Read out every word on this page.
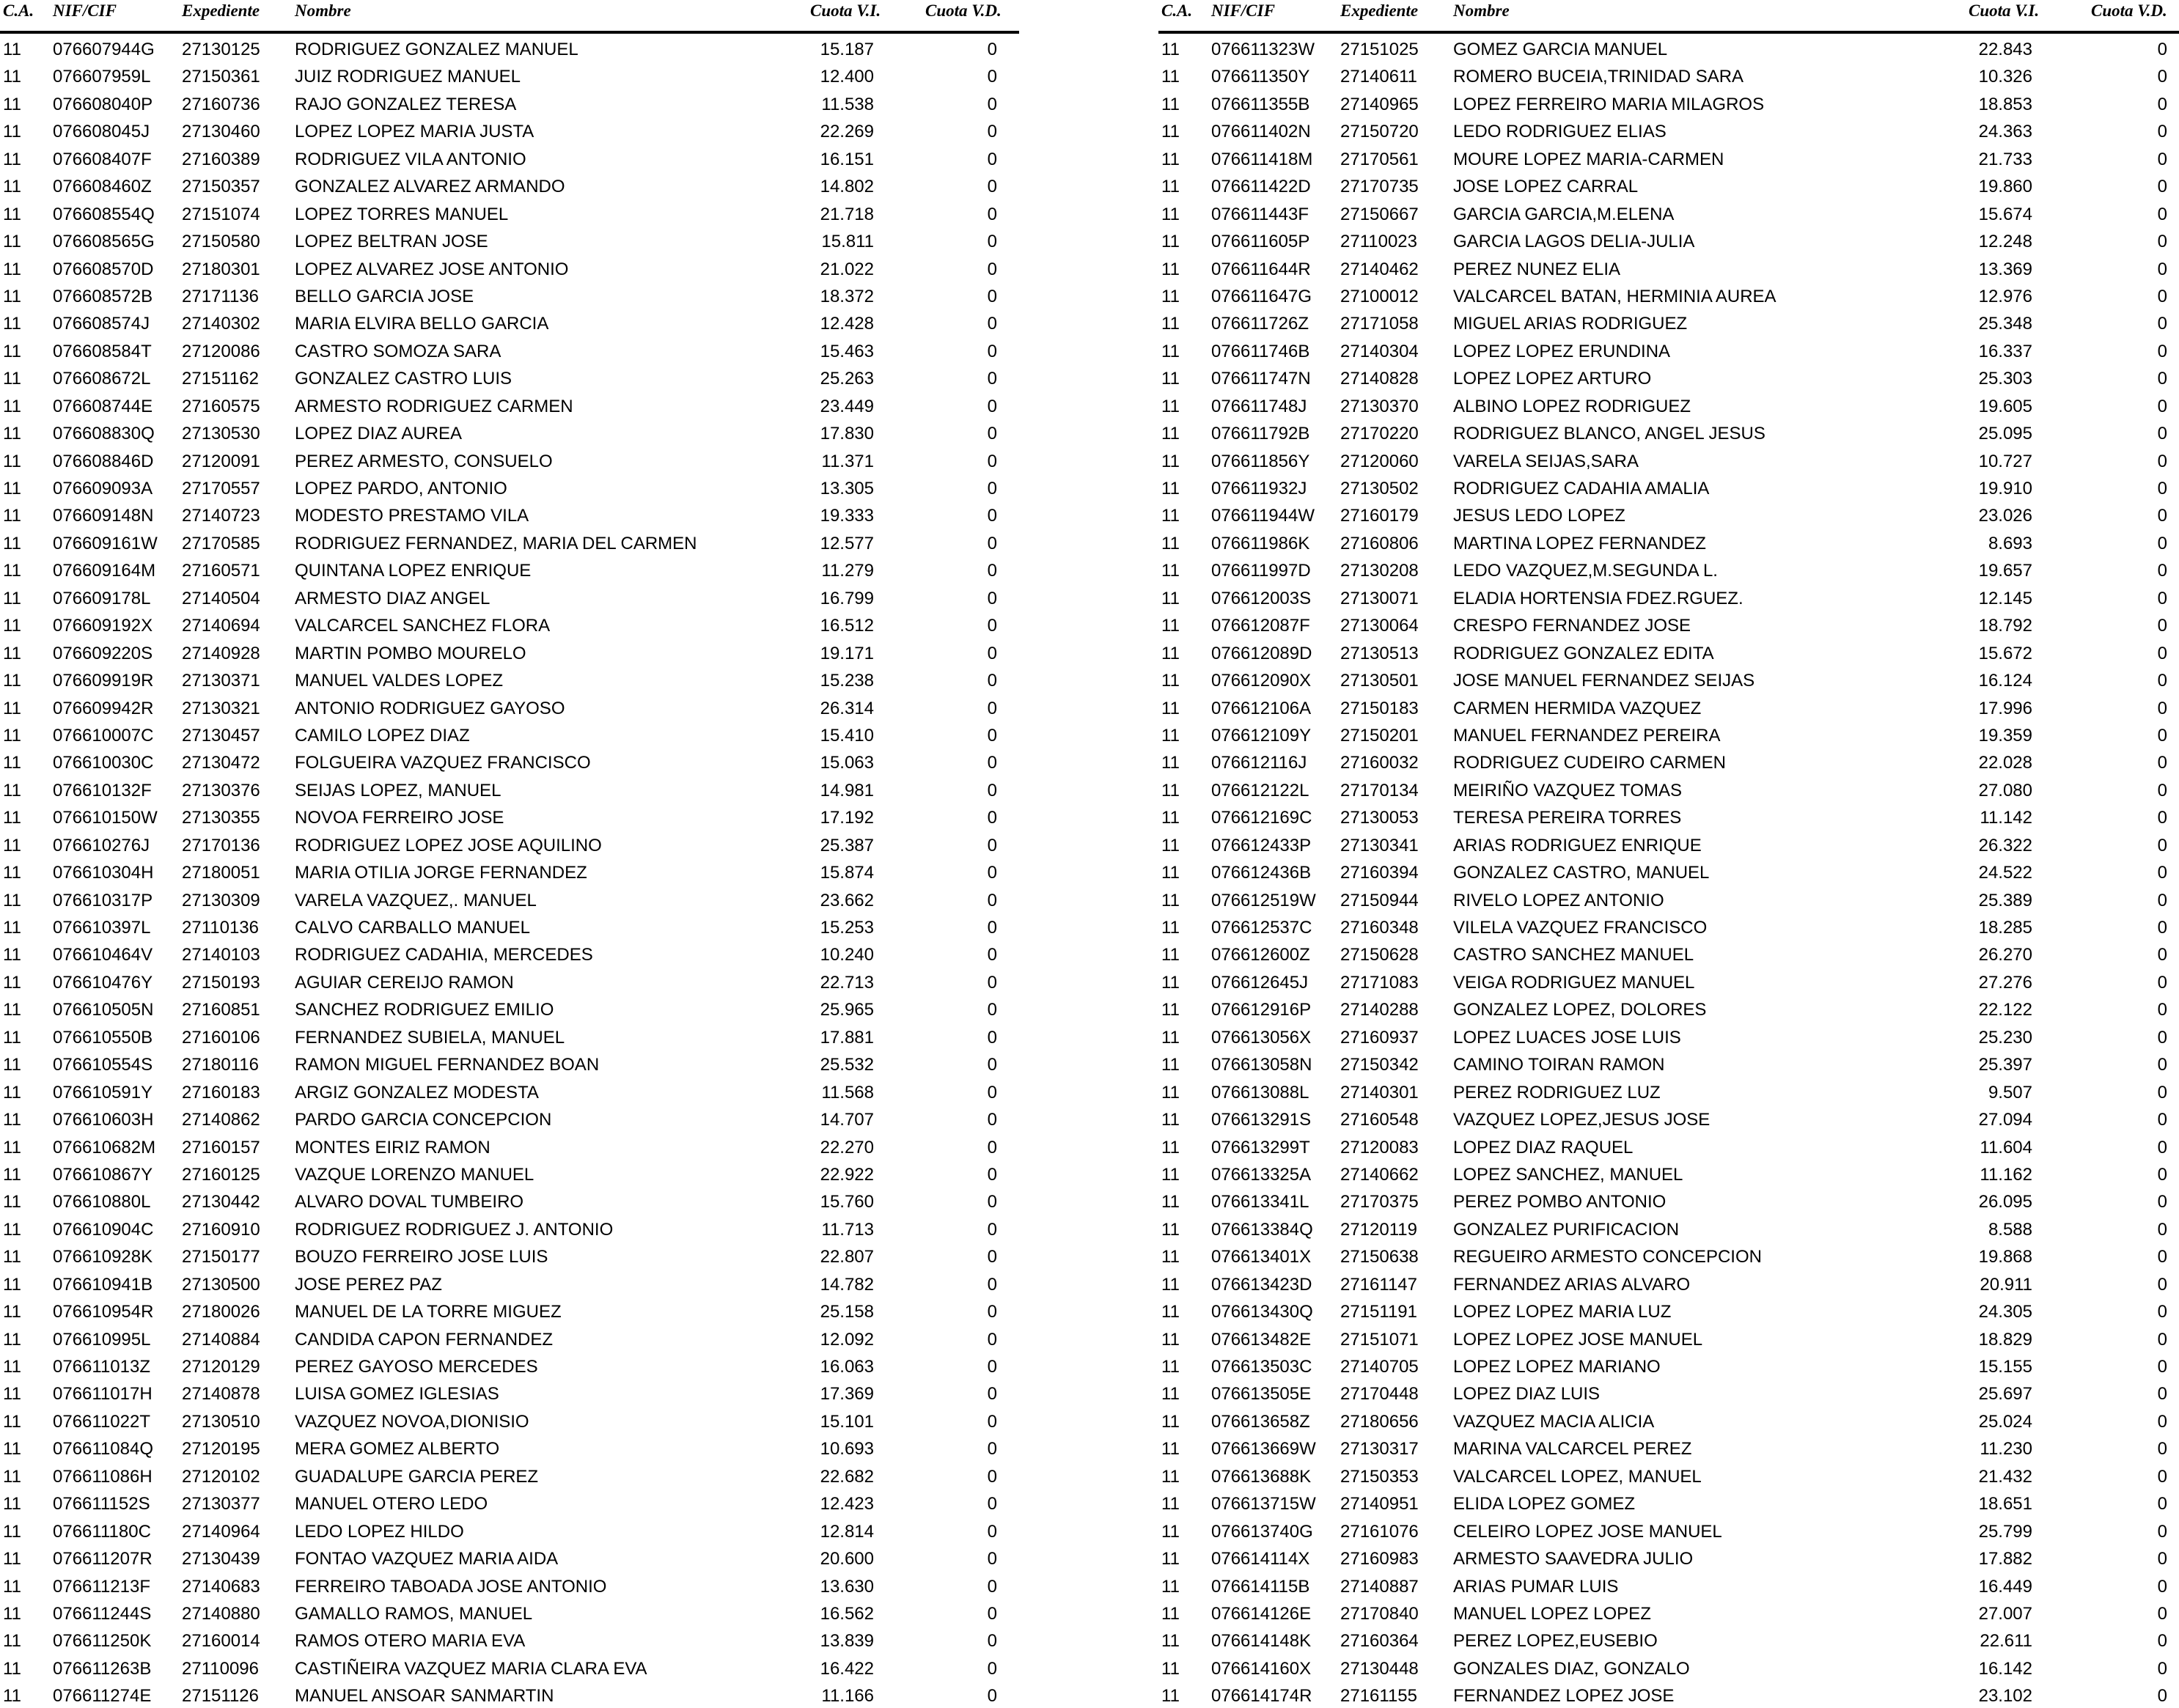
C.A. NIF/CIF	Expediente Nombre	Cuota V.I.	Cuota V.D.
11 076607944G 27130125 RODRIGUEZ GONZALEZ MANUEL	15.187	0
11 076607959L 27150361 JUIZ RODRIGUEZ MANUEL	12.400	0
11 076608040P 27160736 RAJO GONZALEZ TERESA	11.538	0
11 076608045J 27130460 LOPEZ LOPEZ MARIA JUSTA	22.269	0
11 076608407F 27160389 RODRIGUEZ VILA ANTONIO	16.151	0
11 076608460Z 27150357 GONZALEZ ALVAREZ ARMANDO	14.802	0
11 076608554Q 27151074 LOPEZ TORRES MANUEL	21.718	0
11 076608565G 27150580 LOPEZ BELTRAN JOSE	15.811	0
11 076608570D 27180301 LOPEZ ALVAREZ JOSE ANTONIO	21.022	0
11 076608572B 27171136 BELLO GARCIA JOSE	18.372	0
11 076608574J 27140302 MARIA ELVIRA BELLO GARCIA	12.428	0
11 076608584T 27120086 CASTRO SOMOZA SARA	15.463	0
11 076608672L 27151162 GONZALEZ CASTRO LUIS	25.263	0
11 076608744E 27160575 ARMESTO RODRIGUEZ CARMEN	23.449	0
11 076608830Q 27130530 LOPEZ DIAZ AUREA	17.830	0
11 076608846D 27120091 PEREZ ARMESTO, CONSUELO	11.371	0
11 076609093A 27170557 LOPEZ PARDO, ANTONIO	13.305	0
11 076609148N 27140723 MODESTO PRESTAMO VILA	19.333	0
11 076609161W 27170585 RODRIGUEZ FERNANDEZ, MARIA DEL CARMEN	12.577	0
11 076609164M 27160571 QUINTANA LOPEZ ENRIQUE	11.279	0
11 076609178L 27140504 ARMESTO DIAZ ANGEL	16.799	0
11 076609192X 27140694 VALCARCEL SANCHEZ FLORA	16.512	0
11 076609220S 27140928 MARTIN POMBO MOURELO	19.171	0
11 076609919R 27130371 MANUEL VALDES LOPEZ	15.238	0
11 076609942R 27130321 ANTONIO RODRIGUEZ GAYOSO	26.314	0
11 076610007C 27130457 CAMILO LOPEZ DIAZ	15.410	0
11 076610030C 27130472 FOLGUEIRA VAZQUEZ FRANCISCO	15.063	0
11 076610132F 27130376 SEIJAS LOPEZ, MANUEL	14.981	0
11 076610150W 27130355 NOVOA FERREIRO JOSE	17.192	0
11 076610276J 27170136 RODRIGUEZ LOPEZ JOSE AQUILINO	25.387	0
11 076610304H 27180051 MARIA OTILIA JORGE FERNANDEZ	15.874	0
11 076610317P 27130309 VARELA VAZQUEZ,. MANUEL	23.662	0
11 076610397L 27110136 CALVO CARBALLO MANUEL	15.253	0
11 076610464V 27140103 RODRIGUEZ CADAHIA, MERCEDES	10.240	0
11 076610476Y 27150193 AGUIAR CEREIJO RAMON	22.713	0
11 076610505N 27160851 SANCHEZ RODRIGUEZ EMILIO	25.965	0
11 076610550B 27160106 FERNANDEZ SUBIELA, MANUEL	17.881	0
11 076610554S 27180116 RAMON MIGUEL FERNANDEZ BOAN	25.532	0
11 076610591Y 27160183 ARGIZ GONZALEZ MODESTA	11.568	0
11 076610603H 27140862 PARDO GARCIA CONCEPCION	14.707	0
11 076610682M 27160157 MONTES EIRIZ RAMON	22.270	0
11 076610867Y 27160125 VAZQUE LORENZO MANUEL	22.922	0
11 076610880L 27130442 ALVARO DOVAL TUMBEIRO	15.760	0
11 076610904C 27160910 RODRIGUEZ RODRIGUEZ J. ANTONIO	11.713	0
11 076610928K 27150177 BOUZO FERREIRO JOSE LUIS	22.807	0
11 076610941B 27130500 JOSE PEREZ PAZ	14.782	0
11 076610954R 27180026 MANUEL DE LA TORRE MIGUEZ	25.158	0
11 076610995L 27140884 CANDIDA CAPON FERNANDEZ	12.092	0
11 076611013Z 27120129 PEREZ GAYOSO MERCEDES	16.063	0
11 076611017H 27140878 LUISA GOMEZ IGLESIAS	17.369	0
11 076611022T 27130510 VAZQUEZ NOVOA,DIONISIO	15.101	0
11 076611084Q 27120195 MERA GOMEZ ALBERTO	10.693	0
11 076611086H 27120102 GUADALUPE GARCIA PEREZ	22.682	0
11 076611152S 27130377 MANUEL OTERO LEDO	12.423	0
11 076611180C 27140964 LEDO LOPEZ HILDO	12.814	0
11 076611207R 27130439 FONTAO VAZQUEZ MARIA AIDA	20.600	0
11 076611213F 27140683 FERREIRO TABOADA JOSE ANTONIO	13.630	0
11 076611244S 27140880 GAMALLO RAMOS, MANUEL	16.562	0
11 076611250K 27160014 RAMOS OTERO MARIA EVA	13.839	0
11 076611263B 27110096 CASTIÑEIRA VAZQUEZ MARIA CLARA EVA	16.422	0
11 076611274E 27151126 MANUEL ANSOAR SANMARTIN	11.166	0
C.A. NIF/CIF	Expediente Nombre	Cuota V.I.	Cuota V.D.
11 076611323W 27151025 GOMEZ GARCIA MANUEL	22.843	0
11 076611350Y 27140611 ROMERO BUCEIA,TRINIDAD SARA	10.326	0
11 076611355B 27140965 LOPEZ FERREIRO MARIA MILAGROS	18.853	0
11 076611402N 27150720 LEDO RODRIGUEZ ELIAS	24.363	0
11 076611418M 27170561 MOURE LOPEZ MARIA-CARMEN	21.733	0
11 076611422D 27170735 JOSE LOPEZ CARRAL	19.860	0
11 076611443F 27150667 GARCIA GARCIA,M.ELENA	15.674	0
11 076611605P 27110023 GARCIA LAGOS DELIA-JULIA	12.248	0
11 076611644R 27140462 PEREZ NUNEZ ELIA	13.369	0
11 076611647G 27100012 VALCARCEL BATAN, HERMINIA AUREA	12.976	0
11 076611726Z 27171058 MIGUEL ARIAS RODRIGUEZ	25.348	0
11 076611746B 27140304 LOPEZ LOPEZ ERUNDINA	16.337	0
11 076611747N 27140828 LOPEZ LOPEZ ARTURO	25.303	0
11 076611748J 27130370 ALBINO LOPEZ RODRIGUEZ	19.605	0
11 076611792B 27170220 RODRIGUEZ BLANCO, ANGEL JESUS	25.095	0
11 076611856Y 27120060 VARELA SEIJAS,SARA	10.727	0
11 076611932J 27130502 RODRIGUEZ CADAHIA AMALIA	19.910	0
11 076611944W 27160179 JESUS LEDO LOPEZ	23.026	0
11 076611986K 27160806 MARTINA LOPEZ FERNANDEZ	8.693	0
11 076611997D 27130208 LEDO VAZQUEZ,M.SEGUNDA L.	19.657	0
11 076612003S 27130071 ELADIA HORTENSIA FDEZ.RGUEZ.	12.145	0
11 076612087F 27130064 CRESPO FERNANDEZ JOSE	18.792	0
11 076612089D 27130513 RODRIGUEZ GONZALEZ EDITA	15.672	0
11 076612090X 27130501 JOSE MANUEL FERNANDEZ SEIJAS	16.124	0
11 076612106A 27150183 CARMEN HERMIDA VAZQUEZ	17.996	0
11 076612109Y 27150201 MANUEL FERNANDEZ PEREIRA	19.359	0
11 076612116J 27160032 RODRIGUEZ CUDEIRO CARMEN	22.028	0
11 076612122L 27170134 MEIRIÑO VAZQUEZ TOMAS	27.080	0
11 076612169C 27130053 TERESA PEREIRA TORRES	11.142	0
11 076612433P 27130341 ARIAS RODRIGUEZ ENRIQUE	26.322	0
11 076612436B 27160394 GONZALEZ CASTRO, MANUEL	24.522	0
11 076612519W 27150944 RIVELO LOPEZ ANTONIO	25.389	0
11 076612537C 27160348 VILELA VAZQUEZ FRANCISCO	18.285	0
11 076612600Z 27150628 CASTRO SANCHEZ MANUEL	26.270	0
11 076612645J 27171083 VEIGA RODRIGUEZ MANUEL	27.276	0
11 076612916P 27140288 GONZALEZ LOPEZ, DOLORES	22.122	0
11 076613056X 27160937 LOPEZ LUACES JOSE LUIS	25.230	0
11 076613058N 27150342 CAMINO TOIRAN RAMON	25.397	0
11 076613088L 27140301 PEREZ RODRIGUEZ LUZ	9.507	0
11 076613291S 27160548 VAZQUEZ LOPEZ,JESUS JOSE	27.094	0
11 076613299T 27120083 LOPEZ DIAZ RAQUEL	11.604	0
11 076613325A 27140662 LOPEZ SANCHEZ, MANUEL	11.162	0
11 076613341L 27170375 PEREZ POMBO ANTONIO	26.095	0
11 076613384Q 27120119 GONZALEZ PURIFICACION	8.588	0
11 076613401X 27150638 REGUEIRO ARMESTO CONCEPCION	19.868	0
11 076613423D 27161147 FERNANDEZ ARIAS ALVARO	20.911	0
11 076613430Q 27151191 LOPEZ LOPEZ MARIA LUZ	24.305	0
11 076613482E 27151071 LOPEZ LOPEZ JOSE MANUEL	18.829	0
11 076613503C 27140705 LOPEZ LOPEZ MARIANO	15.155	0
11 076613505E 27170448 LOPEZ DIAZ LUIS	25.697	0
11 076613658Z 27180656 VAZQUEZ MACIA ALICIA	25.024	0
11 076613669W 27130317 MARINA VALCARCEL PEREZ	11.230	0
11 076613688K 27150353 VALCARCEL LOPEZ, MANUEL	21.432	0
11 076613715W 27140951 ELIDA LOPEZ GOMEZ	18.651	0
11 076613740G 27161076 CELEIRO LOPEZ JOSE MANUEL	25.799	0
11 076614114X 27160983 ARMESTO SAAVEDRA JULIO	17.882	0
11 076614115B 27140887 ARIAS PUMAR LUIS	16.449	0
11 076614126E 27170840 MANUEL LOPEZ LOPEZ	27.007	0
11 076614148K 27160364 PEREZ LOPEZ,EUSEBIO	22.611	0
11 076614160X 27130448 GONZALES DIAZ, GONZALO	16.142	0
11 076614174R 27161155 FERNANDEZ LOPEZ JOSE	23.102	0
